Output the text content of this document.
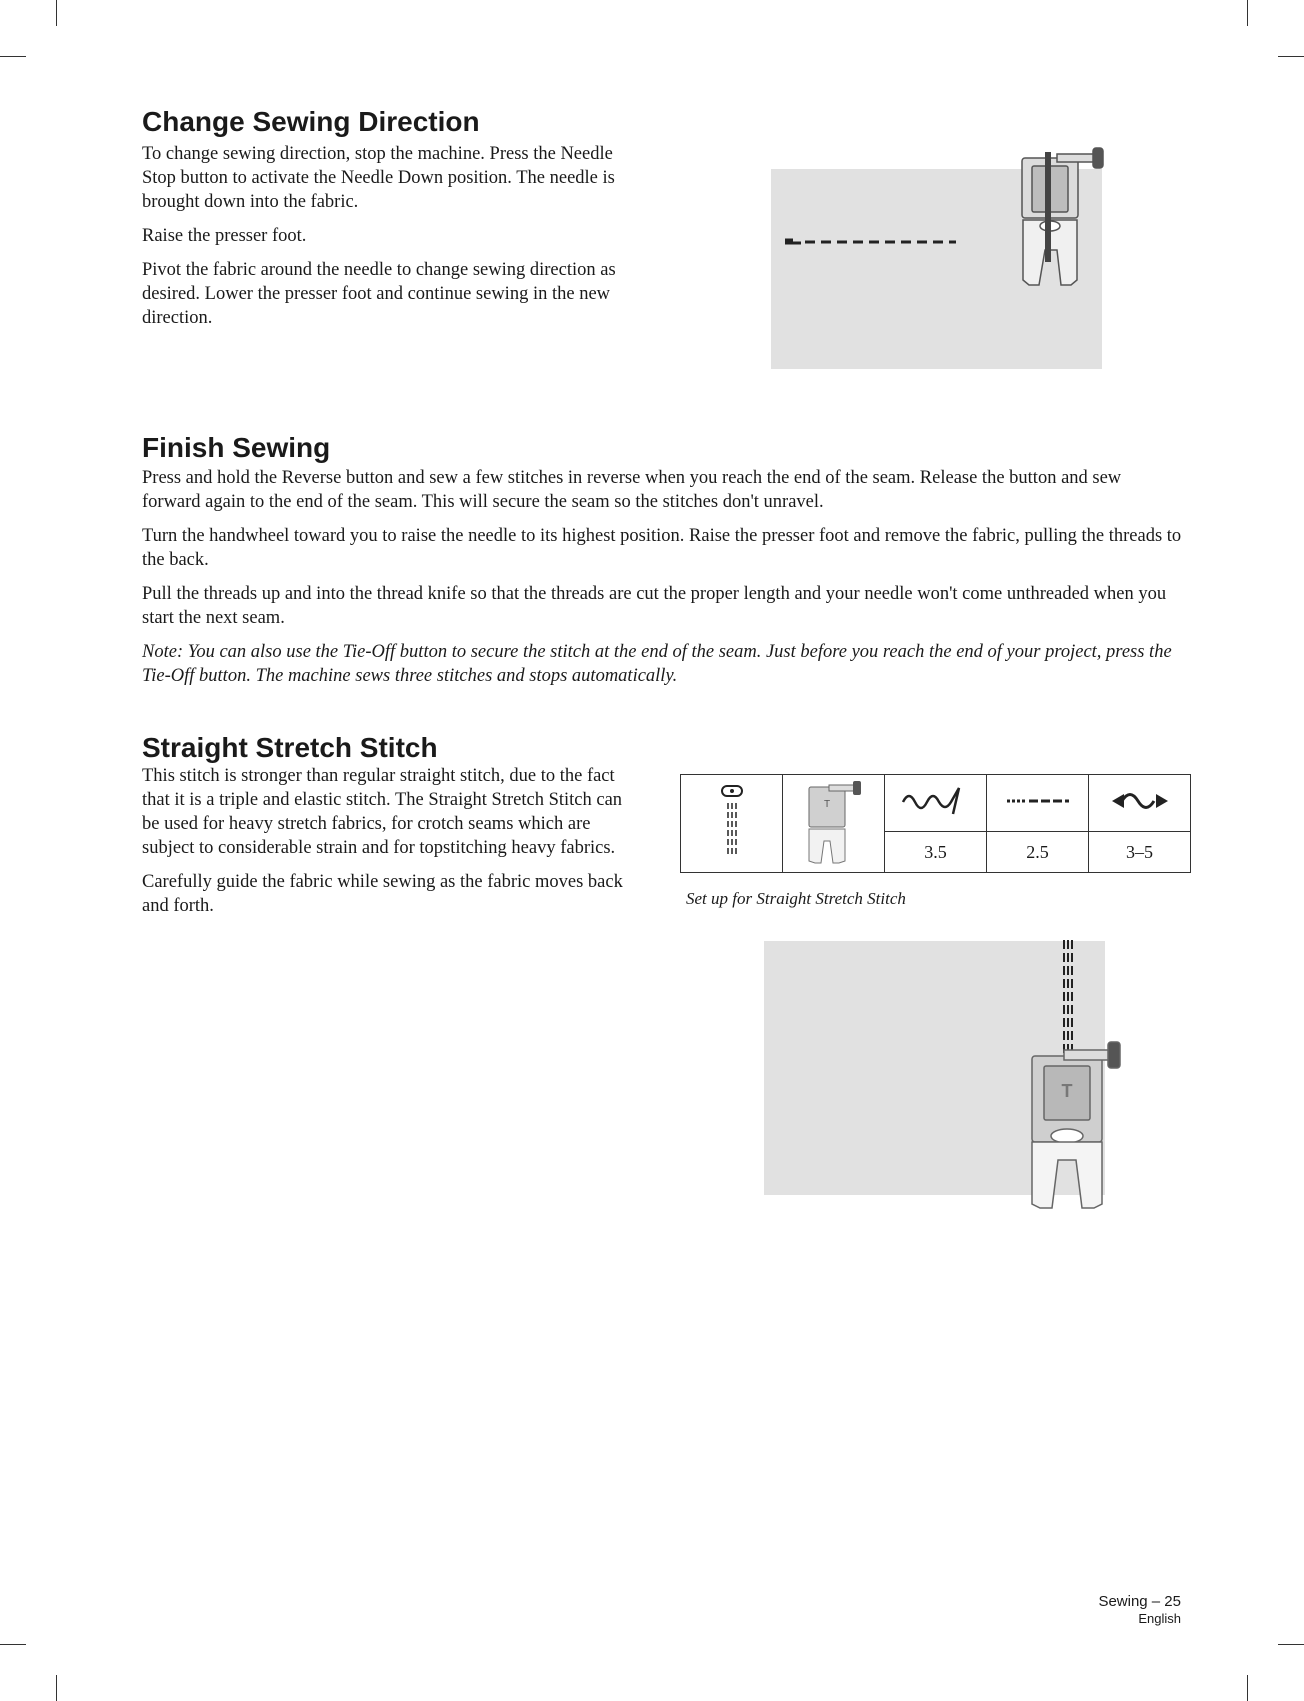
Change Sewing Direction

To change sewing direction, stop the machine. Press the Needle Stop button to activate the Needle Down position. The needle is brought down into the fabric.

Raise the presser foot.

Pivot the fabric around the needle to change sewing direction as desired. Lower the presser foot and continue sewing in the new direction.

Finish Sewing

Press and hold the Reverse button and sew a few stitches in reverse when you reach the end of the seam. Release the button and sew forward again to the end of the seam. This will secure the seam so the stitches don't unravel.

Turn the handwheel toward you to raise the needle to its highest position. Raise the presser foot and remove the fabric, pulling the threads to the back.

Pull the threads up and into the thread knife so that the threads are cut the proper length and your needle won't come unthreaded when you start the next seam.

Note: You can also use the Tie-Off button to secure the stitch at the end of the seam. Just before you reach the end of your project, press the Tie-Off button. The machine sews three stitches and stops automatically.

Straight Stretch Stitch

This stitch is stronger than regular straight stitch, due to the fact that it is a triple and elastic stitch. The Straight Stretch Stitch can be used for heavy stretch fabrics, for crotch seams which are subject to considerable strain and for topstitching heavy fabrics.

Carefully guide the fabric while sewing as the fabric moves back and forth.

T

		3.5	2.5	3–5
Set up for Straight Stretch Stitch
T
Sewing – 25
English
